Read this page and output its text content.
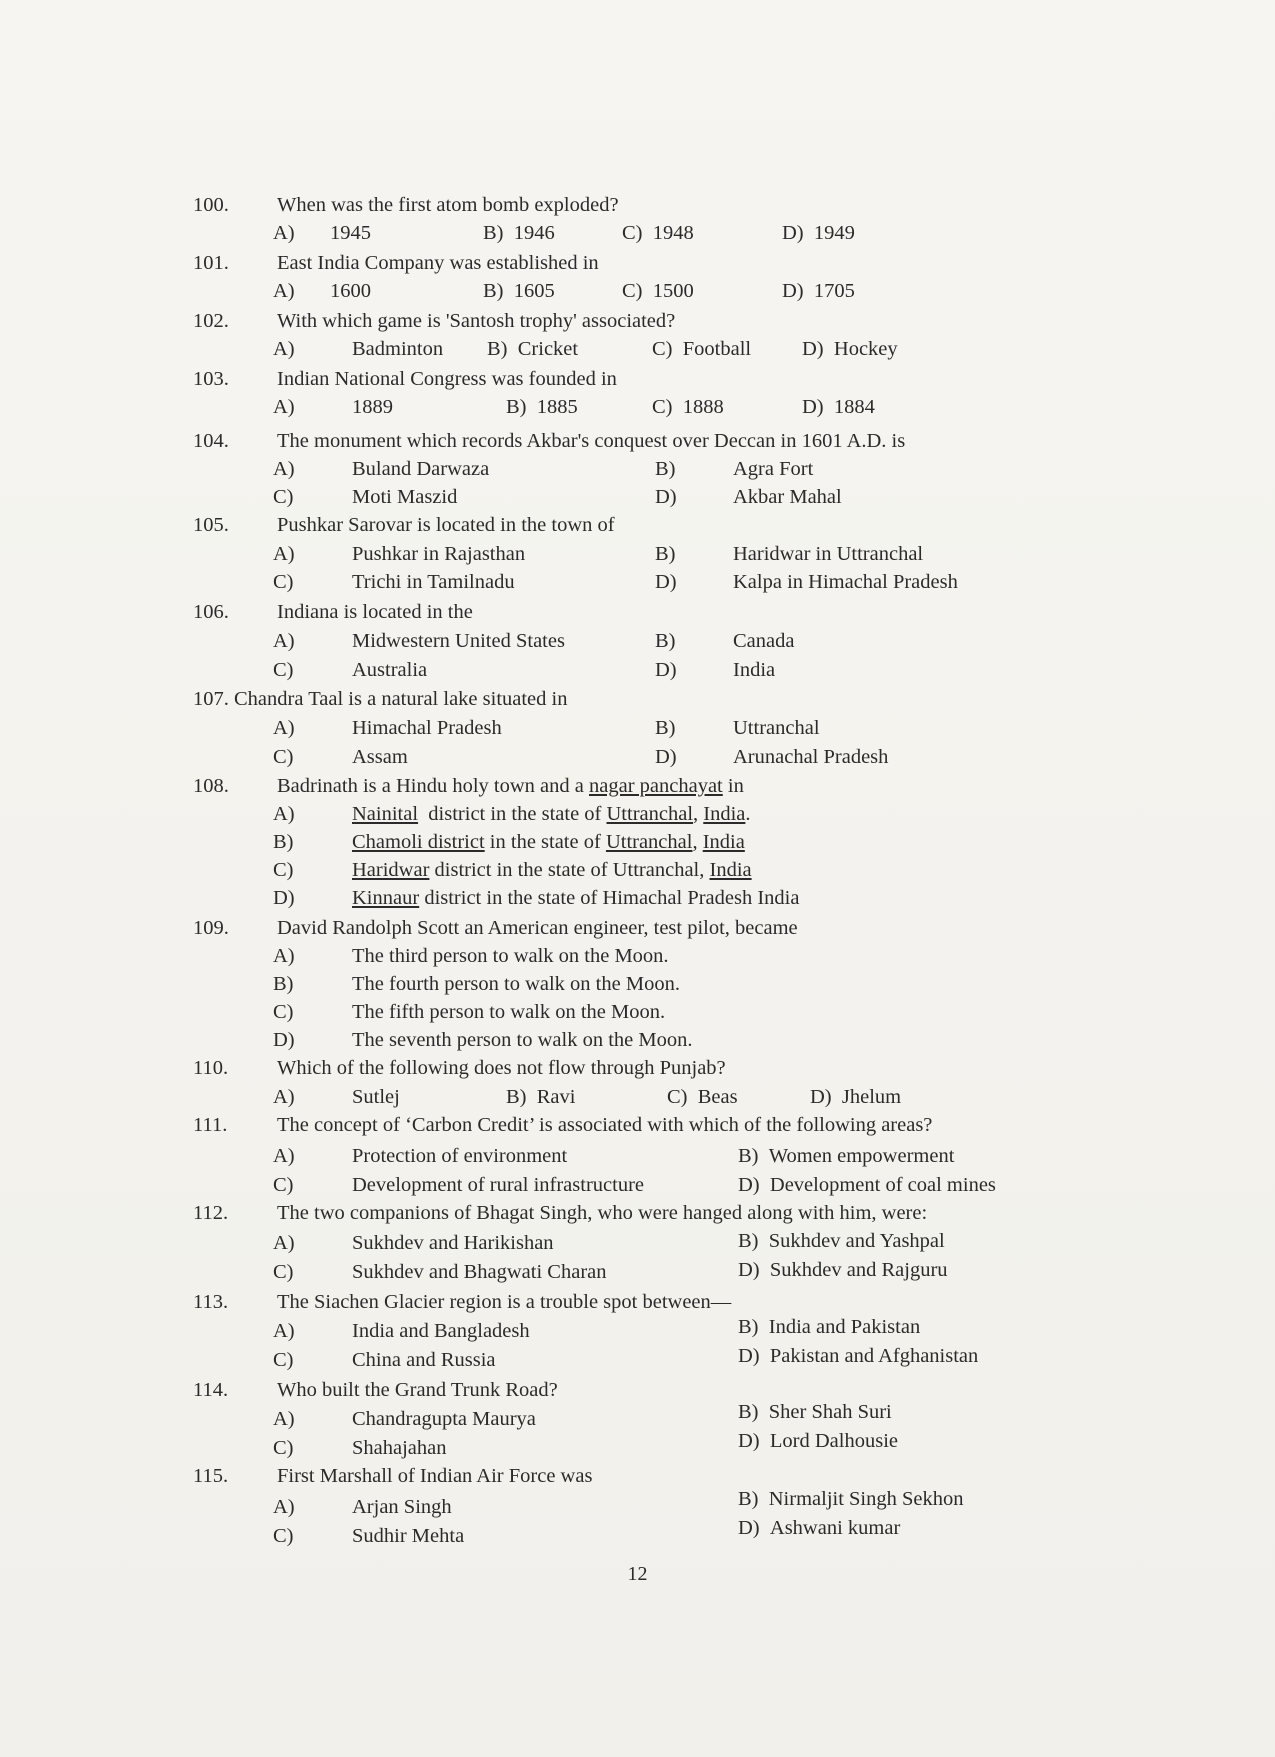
100.	When was the first atom bomb exploded?
A) 1945	B) 1946	C) 1948	D) 1949
101.	East India Company was established in
A) 1600	B) 1605	C) 1500	D) 1705
102.	With which game is 'Santosh trophy' associated?
A)	Badminton B) Cricket	C) Football D) Hockey
103.	Indian National Congress was founded in
A)	1889	B) 1885	C) 1888	D) 1884
104.	The monument which records Akbar's conquest over Deccan in 1601 A.D. is
A)	Buland Darwaza	B)	Agra Fort
C)	Moti Maszid	D)	Akbar Mahal
105.	Pushkar Sarovar is located in the town of
A)	Pushkar in Rajasthan	B)	Haridwar in Uttranchal
C)	Trichi in Tamilnadu	D)	Kalpa in Himachal Pradesh
106.	Indiana is located in the
A)	Midwestern United States	B)	Canada
C)	Australia	D)	India
107. Chandra Taal is a natural lake situated in
A)	Himachal Pradesh	B)	Uttranchal
C)	Assam	D)	Arunachal Pradesh
108.	Badrinath is a Hindu holy town and a nagar panchayat in
A)	Nainital  district in the state of Uttranchal, India.
B)	Chamoli district in the state of Uttranchal, India
C)	Haridwar district in the state of Uttranchal, India
D)	Kinnaur district in the state of Himachal Pradesh India
109.	David Randolph Scott an American engineer, test pilot, became
A)	The third person to walk on the Moon.
B)	The fourth person to walk on the Moon.
C)	The fifth person to walk on the Moon.
D)	The seventh person to walk on the Moon.
110.	Which of the following does not flow through Punjab?
A)	Sutlej	B) Ravi	C) Beas	D) Jhelum
111.	The concept of ‘Carbon Credit’ is associated with which of the following areas?
A)	Protection of environment	B) Women empowerment
C)	Development of rural infrastructure	D) Development of coal mines
112.	The two companions of Bhagat Singh, who were hanged along with him, were:
A)	Sukhdev and Harikishan	B) Sukhdev and Yashpal
C)	Sukhdev and Bhagwati Charan	D) Sukhdev and Rajguru
113.	The Siachen Glacier region is a trouble spot between—
A)	India and Bangladesh	B) India and Pakistan
C)	China and Russia	D) Pakistan and Afghanistan
114.	Who built the Grand Trunk Road?
A)	Chandragupta Maurya	B) Sher Shah Suri
C)	Shahajahan	D) Lord Dalhousie
115.	First Marshall of Indian Air Force was
A)	Arjan Singh	B) Nirmaljit Singh Sekhon
C)	Sudhir Mehta	D) Ashwani kumar
12
